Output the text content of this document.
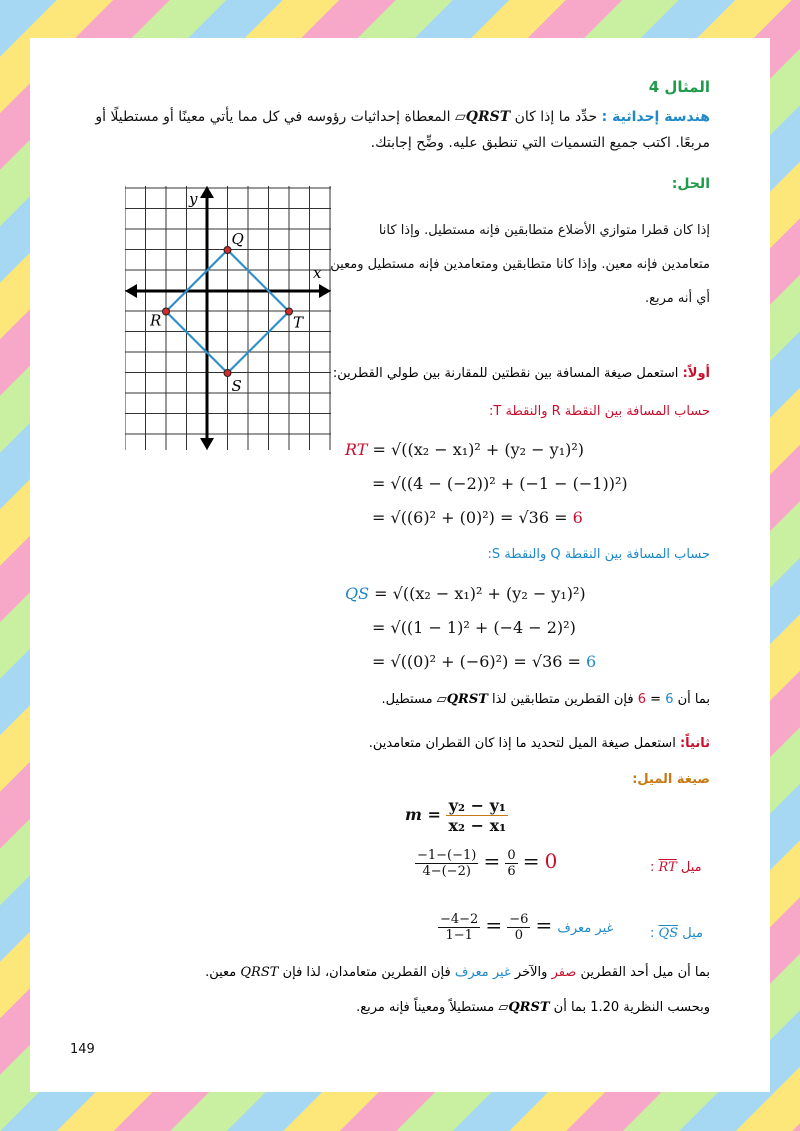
المثال 4
هندسة إحداثية : حدِّد ما إذا كان QRST▱ المعطاة إحداثيات رؤوسه في كل مما يأتي معينًا أو مستطيلًا أو
مربعًا. اكتب جميع التسميات التي تنطبق عليه. وضِّح إجابتك.
Q
R
S
T
x
y
الحل:
إذا كان قطرا متوازي الأضلاع متطابقين فإنه مستطيل. وإذا كانا متعامدين فإنه معين. وإذا كانا متطابقين ومتعامدين فإنه مستطيل ومعين أي أنه مربع.
أولاً: استعمل صيغة المسافة بين نقطتين للمقارنة بين طولي القطرين:
حساب المسافة بين النقطة R والنقطة T:
RT = √((x₂ − x₁)² + (y₂ − y₁)²)
= √((4 − (−2))² + (−1 − (−1))²)
= √((6)² + (0)²) = √36 = 6
حساب المسافة بين النقطة Q والنقطة S:
QS = √((x₂ − x₁)² + (y₂ − y₁)²)
= √((1 − 1)² + (−4 − 2)²)
= √((0)² + (−6)²) = √36 = 6
بما أن 6 = 6 فإن القطرين متطابقين لذا QRST▱ مستطيل.
ثانياً: استعمل صيغة الميل لتحديد ما إذا كان القطران متعامدين.
صيغة الميل:
$m = \frac{\text{y₂ − y₁}}{\text{x₂ − x₁}}$
$\frac{-1-(-1)}{4-(-2)} = \frac{0}{6} = 0$	: $\overline{RT}$ ميل
$\frac{-4-2}{1-1} = \frac{-6}{0}$ = غير معرف	: $\overline{QS}$ ميل
بما أن ميل أحد القطرين صفر والآخر غير معرف فإن القطرين متعامدان، لذا فإن QRST معين.
وبحسب النظرية 1.20 بما أن QRST▱ مستطيلاً ومعيناً فإنه مربع.
149
